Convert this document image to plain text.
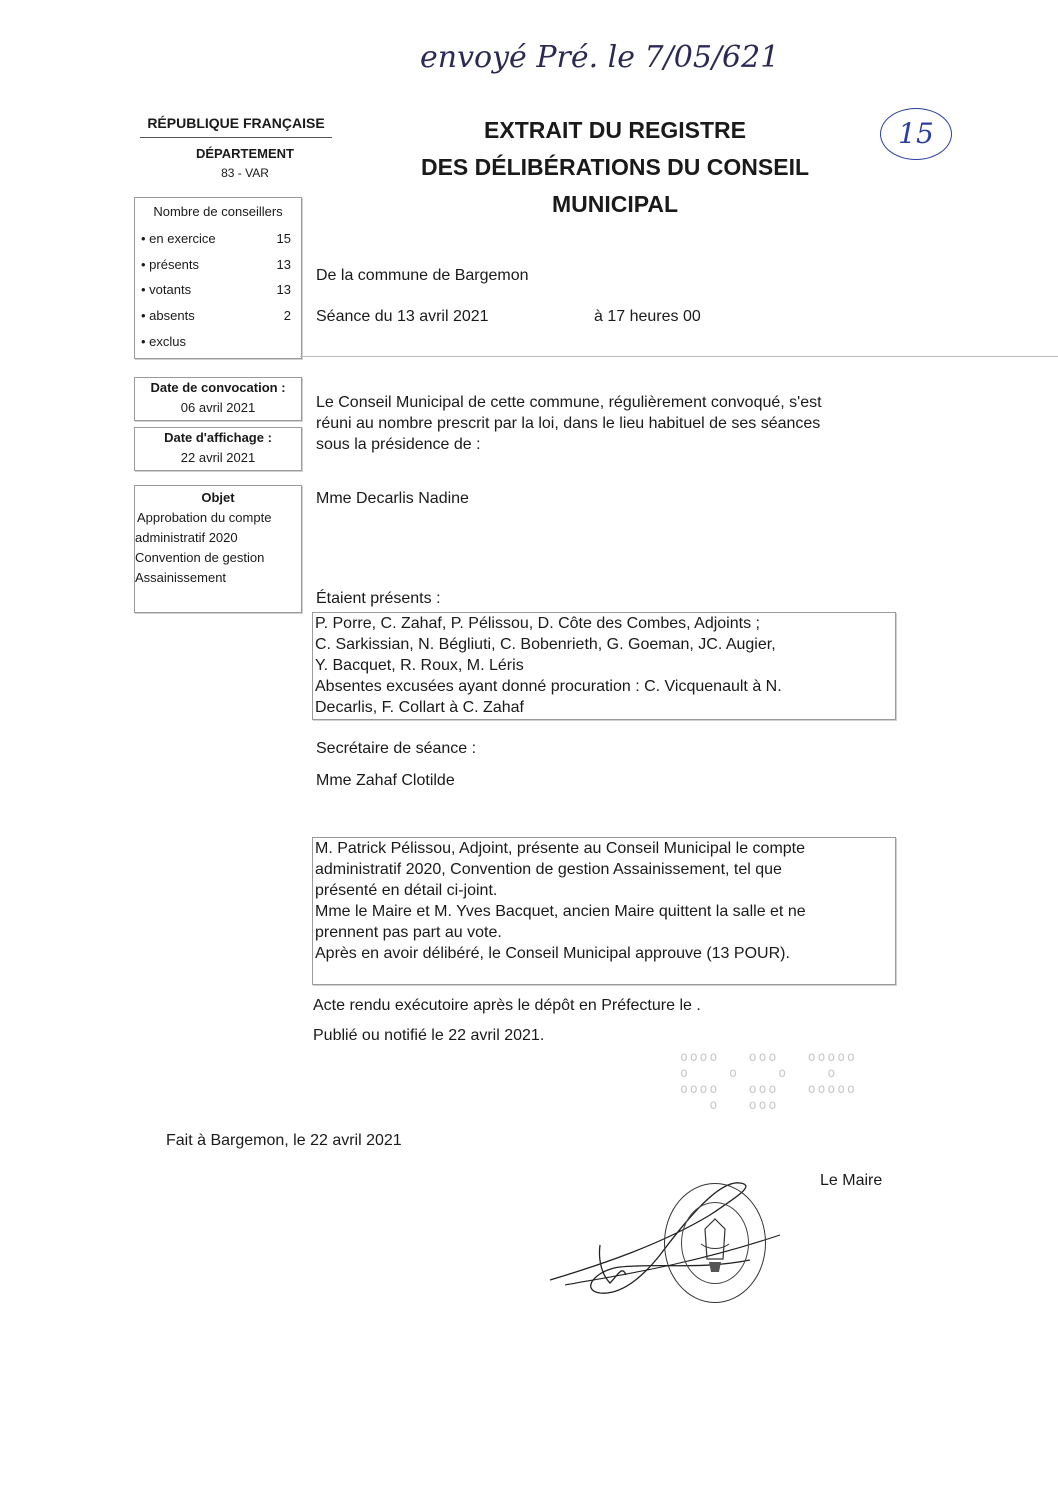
envoyé Pré. le 7/05/621
RÉPUBLIQUE FRANÇAISE
DÉPARTEMENT
83 - VAR
EXTRAIT DU REGISTRE
DES DÉLIBÉRATIONS DU CONSEIL
MUNICIPAL
15
Nombre de conseillers
• en exercice	15
• présents	13
• votants	13
• absents	2
• exclus
De la commune de Bargemon
Séance du 13 avril 2021	à 17 heures 00
Date de convocation :
06 avril 2021
Date d'affichage :
22 avril 2021
Objet
Approbation du compte
administratif 2020
Convention de gestion
Assainissement
Le Conseil Municipal de cette commune, régulièrement convoqué, s'est
réuni au nombre prescrit par la loi, dans le lieu habituel de ses séances
sous la présidence de :
Mme Decarlis Nadine
Étaient présents :
P. Porre, C. Zahaf, P. Pélissou, D. Côte des Combes, Adjoints ;
C. Sarkissian, N. Bégliuti, C. Bobenrieth, G. Goeman, JC. Augier,
Y. Bacquet, R. Roux, M. Léris
Absentes excusées ayant donné procuration : C. Vicquenault à N.
Decarlis, F. Collart à C. Zahaf
Secrétaire de séance :
Mme Zahaf Clotilde
M. Patrick Pélissou, Adjoint, présente au Conseil Municipal le compte
administratif 2020, Convention de gestion Assainissement, tel que
présenté en détail ci-joint.
Mme le Maire et M. Yves Bacquet, ancien Maire quittent la salle et ne
prennent pas part au vote.
Après en avoir délibéré, le Conseil Municipal approuve (13 POUR).
Acte rendu exécutoire après le dépôt en Préfecture le .
Publié ou notifié le 22 avril 2021.
oooo   ooo   ooooo
o    o    o    o
oooo   ooo   ooooo
o   ooo
Fait à Bargemon, le 22 avril 2021
Le Maire
